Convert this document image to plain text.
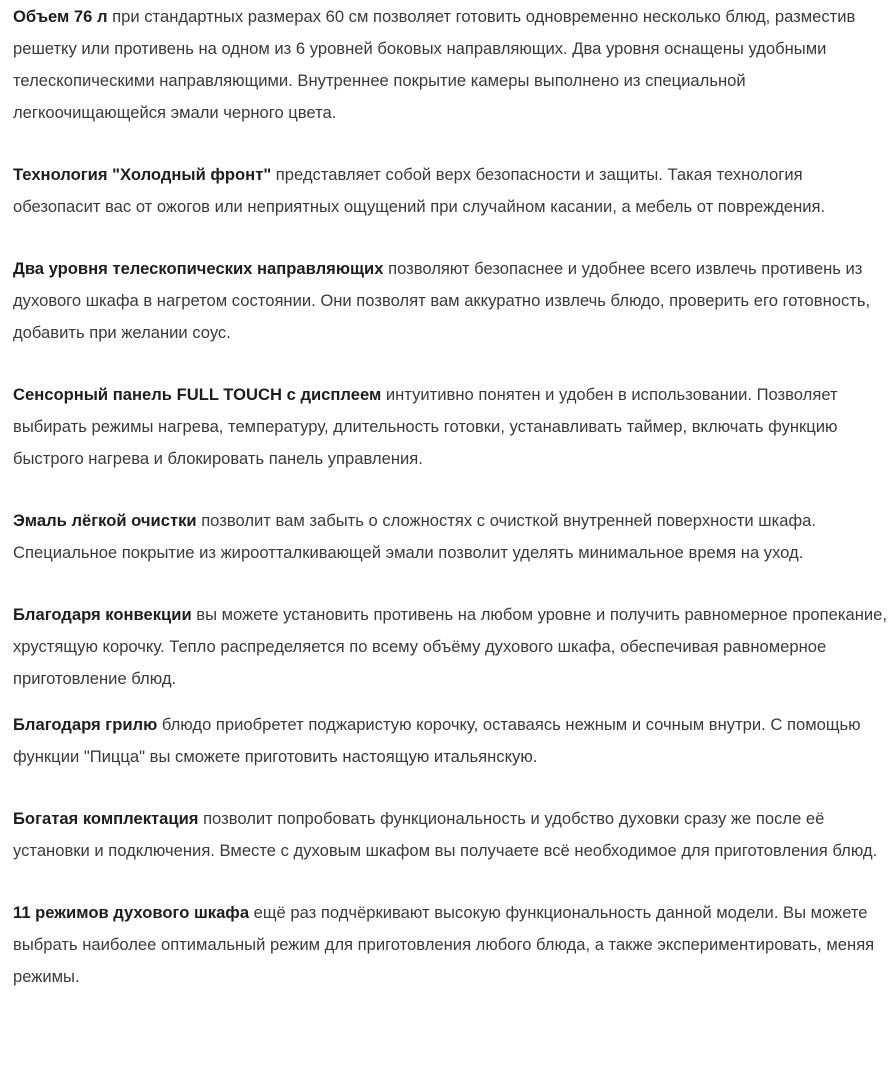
Объем 76 л при стандартных размерах 60 см позволяет готовить одновременно несколько блюд, разместив решетку или противень на одном из 6 уровней боковых направляющих. Два уровня оснащены удобными телескопическими направляющими. Внутреннее покрытие камеры выполнено из специальной легкоочищающейся эмали черного цвета.

Технология "Холодный фронт" представляет собой верх безопасности и защиты. Такая технология обезопасит вас от ожогов или неприятных ощущений при случайном касании, а мебель от повреждения.

Два уровня телескопических направляющих позволяют безопаснее и удобнее всего извлечь противень из духового шкафа в нагретом состоянии. Они позволят вам аккуратно извлечь блюдо, проверить его готовность, добавить при желании соус.

Сенсорный панель FULL TOUCH с дисплеем интуитивно понятен и удобен в использовании. Позволяет выбирать режимы нагрева, температуру, длительность готовки, устанавливать таймер, включать функцию быстрого нагрева и блокировать панель управления.

Эмаль лёгкой очистки позволит вам забыть о сложностях с очисткой внутренней поверхности шкафа. Специальное покрытие из жироотталкивающей эмали позволит уделять минимальное время на уход.

Благодаря конвекции вы можете установить противень на любом уровне и получить равномерное пропекание, хрустящую корочку. Тепло распределяется по всему объёму духового шкафа, обеспечивая равномерное приготовление блюд.

Благодаря грилю блюдо приобретет поджаристую корочку, оставаясь нежным и сочным внутри. С помощью функции "Пицца" вы сможете приготовить настоящую итальянскую.

Богатая комплектация позволит попробовать функциональность и удобство духовки сразу же после её установки и подключения. Вместе с духовым шкафом вы получаете всё необходимое для приготовления блюд.

11 режимов духового шкафа ещё раз подчёркивают высокую функциональность данной модели. Вы можете выбрать наиболее оптимальный режим для приготовления любого блюда, а также экспериментировать, меняя режимы.
